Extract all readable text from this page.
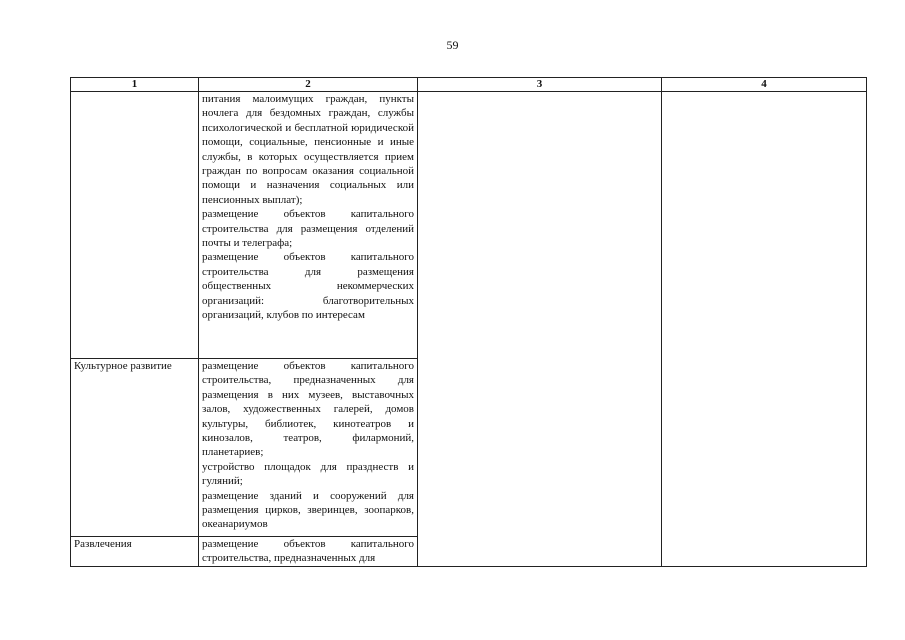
59
1	2	3	4

	питания малоимущих граждан, пункты ночлега для бездомных граждан, службы психологической и бесплатной юридической помощи, социальные, пенсионные и иные службы, в которых осуществляется прием граждан по вопросам оказания социальной помощи и назначения социальных или пенсионных выплат);
размещение объектов капитального строительства для размещения отделений почты и телеграфа;
размещение объектов капитального строительства для размещения общественных некоммерческих организаций: благотворительных организаций, клубов по интересам		

Культурное развитие	размещение объектов капитального строительства, предназначенных для размещения в них музеев, выставочных залов, художественных галерей, домов культуры, библиотек, кинотеатров и кинозалов, театров, филармоний, планетариев;
устройство площадок для празднеств и гуляний;
размещение зданий и сооружений для размещения цирков, зверинцев, зоопарков, океанариумов		

Развлечения	размещение объектов капитального строительства, предназначенных для		
